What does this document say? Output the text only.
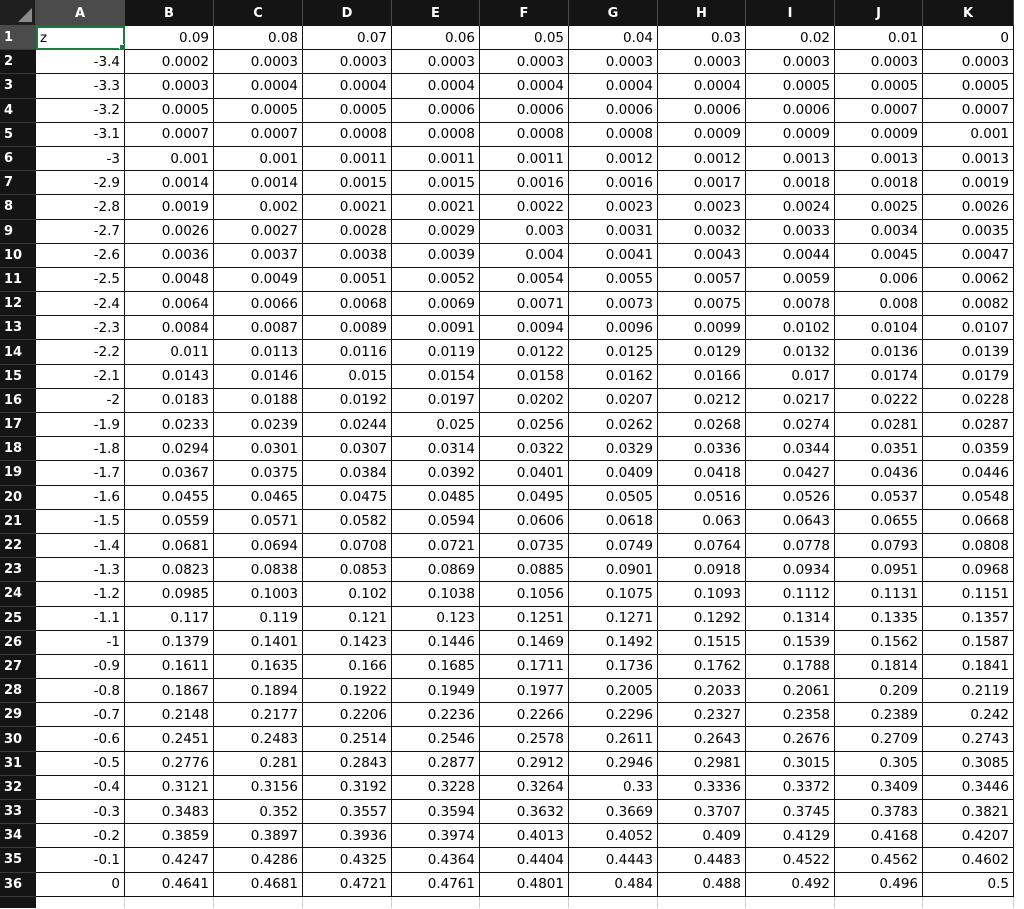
A	B	C	D	E	F	G	H	I	J	K
1	z	0.09	0.08	0.07	0.06	0.05	0.04	0.03	0.02	0.01	0
2	-3.4	0.0002	0.0003	0.0003	0.0003	0.0003	0.0003	0.0003	0.0003	0.0003	0.0003
3	-3.3	0.0003	0.0004	0.0004	0.0004	0.0004	0.0004	0.0004	0.0005	0.0005	0.0005
4	-3.2	0.0005	0.0005	0.0005	0.0006	0.0006	0.0006	0.0006	0.0006	0.0007	0.0007
5	-3.1	0.0007	0.0007	0.0008	0.0008	0.0008	0.0008	0.0009	0.0009	0.0009	0.001
6	-3	0.001	0.001	0.0011	0.0011	0.0011	0.0012	0.0012	0.0013	0.0013	0.0013
7	-2.9	0.0014	0.0014	0.0015	0.0015	0.0016	0.0016	0.0017	0.0018	0.0018	0.0019
8	-2.8	0.0019	0.002	0.0021	0.0021	0.0022	0.0023	0.0023	0.0024	0.0025	0.0026
9	-2.7	0.0026	0.0027	0.0028	0.0029	0.003	0.0031	0.0032	0.0033	0.0034	0.0035
10	-2.6	0.0036	0.0037	0.0038	0.0039	0.004	0.0041	0.0043	0.0044	0.0045	0.0047
11	-2.5	0.0048	0.0049	0.0051	0.0052	0.0054	0.0055	0.0057	0.0059	0.006	0.0062
12	-2.4	0.0064	0.0066	0.0068	0.0069	0.0071	0.0073	0.0075	0.0078	0.008	0.0082
13	-2.3	0.0084	0.0087	0.0089	0.0091	0.0094	0.0096	0.0099	0.0102	0.0104	0.0107
14	-2.2	0.011	0.0113	0.0116	0.0119	0.0122	0.0125	0.0129	0.0132	0.0136	0.0139
15	-2.1	0.0143	0.0146	0.015	0.0154	0.0158	0.0162	0.0166	0.017	0.0174	0.0179
16	-2	0.0183	0.0188	0.0192	0.0197	0.0202	0.0207	0.0212	0.0217	0.0222	0.0228
17	-1.9	0.0233	0.0239	0.0244	0.025	0.0256	0.0262	0.0268	0.0274	0.0281	0.0287
18	-1.8	0.0294	0.0301	0.0307	0.0314	0.0322	0.0329	0.0336	0.0344	0.0351	0.0359
19	-1.7	0.0367	0.0375	0.0384	0.0392	0.0401	0.0409	0.0418	0.0427	0.0436	0.0446
20	-1.6	0.0455	0.0465	0.0475	0.0485	0.0495	0.0505	0.0516	0.0526	0.0537	0.0548
21	-1.5	0.0559	0.0571	0.0582	0.0594	0.0606	0.0618	0.063	0.0643	0.0655	0.0668
22	-1.4	0.0681	0.0694	0.0708	0.0721	0.0735	0.0749	0.0764	0.0778	0.0793	0.0808
23	-1.3	0.0823	0.0838	0.0853	0.0869	0.0885	0.0901	0.0918	0.0934	0.0951	0.0968
24	-1.2	0.0985	0.1003	0.102	0.1038	0.1056	0.1075	0.1093	0.1112	0.1131	0.1151
25	-1.1	0.117	0.119	0.121	0.123	0.1251	0.1271	0.1292	0.1314	0.1335	0.1357
26	-1	0.1379	0.1401	0.1423	0.1446	0.1469	0.1492	0.1515	0.1539	0.1562	0.1587
27	-0.9	0.1611	0.1635	0.166	0.1685	0.1711	0.1736	0.1762	0.1788	0.1814	0.1841
28	-0.8	0.1867	0.1894	0.1922	0.1949	0.1977	0.2005	0.2033	0.2061	0.209	0.2119
29	-0.7	0.2148	0.2177	0.2206	0.2236	0.2266	0.2296	0.2327	0.2358	0.2389	0.242
30	-0.6	0.2451	0.2483	0.2514	0.2546	0.2578	0.2611	0.2643	0.2676	0.2709	0.2743
31	-0.5	0.2776	0.281	0.2843	0.2877	0.2912	0.2946	0.2981	0.3015	0.305	0.3085
32	-0.4	0.3121	0.3156	0.3192	0.3228	0.3264	0.33	0.3336	0.3372	0.3409	0.3446
33	-0.3	0.3483	0.352	0.3557	0.3594	0.3632	0.3669	0.3707	0.3745	0.3783	0.3821
34	-0.2	0.3859	0.3897	0.3936	0.3974	0.4013	0.4052	0.409	0.4129	0.4168	0.4207
35	-0.1	0.4247	0.4286	0.4325	0.4364	0.4404	0.4443	0.4483	0.4522	0.4562	0.4602
36	0	0.4641	0.4681	0.4721	0.4761	0.4801	0.484	0.488	0.492	0.496	0.5
